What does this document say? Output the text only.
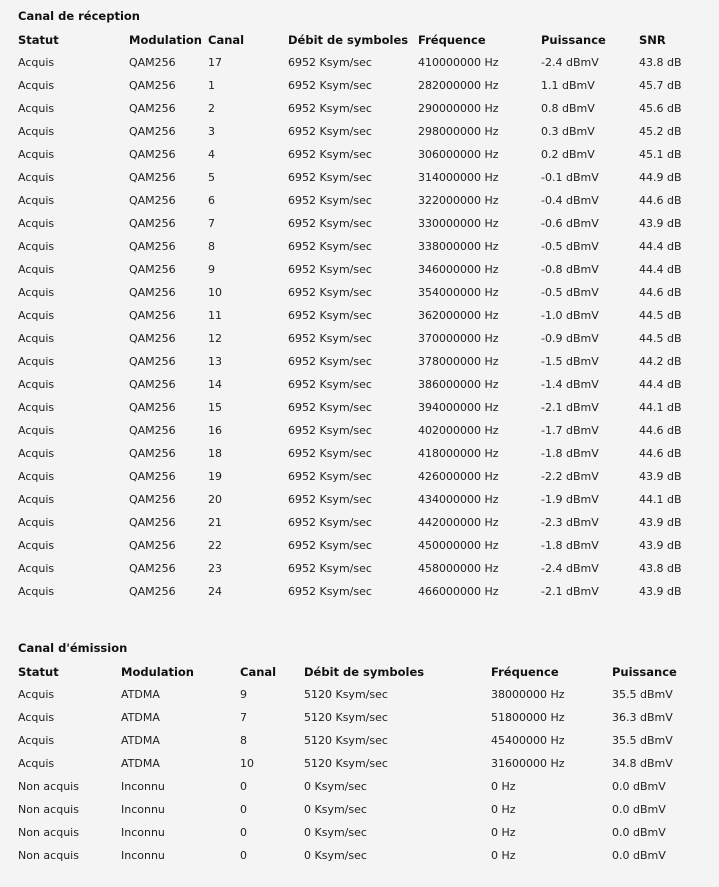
Canal de réception
Statut	Modulation	Canal	Débit de symboles	Fréquence	Puissance	SNR
Acquis	QAM256	17	6952 Ksym/sec	410000000 Hz	-2.4 dBmV	43.8 dB
Acquis	QAM256	1	6952 Ksym/sec	282000000 Hz	1.1 dBmV	45.7 dB
Acquis	QAM256	2	6952 Ksym/sec	290000000 Hz	0.8 dBmV	45.6 dB
Acquis	QAM256	3	6952 Ksym/sec	298000000 Hz	0.3 dBmV	45.2 dB
Acquis	QAM256	4	6952 Ksym/sec	306000000 Hz	0.2 dBmV	45.1 dB
Acquis	QAM256	5	6952 Ksym/sec	314000000 Hz	-0.1 dBmV	44.9 dB
Acquis	QAM256	6	6952 Ksym/sec	322000000 Hz	-0.4 dBmV	44.6 dB
Acquis	QAM256	7	6952 Ksym/sec	330000000 Hz	-0.6 dBmV	43.9 dB
Acquis	QAM256	8	6952 Ksym/sec	338000000 Hz	-0.5 dBmV	44.4 dB
Acquis	QAM256	9	6952 Ksym/sec	346000000 Hz	-0.8 dBmV	44.4 dB
Acquis	QAM256	10	6952 Ksym/sec	354000000 Hz	-0.5 dBmV	44.6 dB
Acquis	QAM256	11	6952 Ksym/sec	362000000 Hz	-1.0 dBmV	44.5 dB
Acquis	QAM256	12	6952 Ksym/sec	370000000 Hz	-0.9 dBmV	44.5 dB
Acquis	QAM256	13	6952 Ksym/sec	378000000 Hz	-1.5 dBmV	44.2 dB
Acquis	QAM256	14	6952 Ksym/sec	386000000 Hz	-1.4 dBmV	44.4 dB
Acquis	QAM256	15	6952 Ksym/sec	394000000 Hz	-2.1 dBmV	44.1 dB
Acquis	QAM256	16	6952 Ksym/sec	402000000 Hz	-1.7 dBmV	44.6 dB
Acquis	QAM256	18	6952 Ksym/sec	418000000 Hz	-1.8 dBmV	44.6 dB
Acquis	QAM256	19	6952 Ksym/sec	426000000 Hz	-2.2 dBmV	43.9 dB
Acquis	QAM256	20	6952 Ksym/sec	434000000 Hz	-1.9 dBmV	44.1 dB
Acquis	QAM256	21	6952 Ksym/sec	442000000 Hz	-2.3 dBmV	43.9 dB
Acquis	QAM256	22	6952 Ksym/sec	450000000 Hz	-1.8 dBmV	43.9 dB
Acquis	QAM256	23	6952 Ksym/sec	458000000 Hz	-2.4 dBmV	43.8 dB
Acquis	QAM256	24	6952 Ksym/sec	466000000 Hz	-2.1 dBmV	43.9 dB
Canal d'émission
Statut	Modulation	Canal	Débit de symboles	Fréquence	Puissance
Acquis	ATDMA	9	5120 Ksym/sec	38000000 Hz	35.5 dBmV
Acquis	ATDMA	7	5120 Ksym/sec	51800000 Hz	36.3 dBmV
Acquis	ATDMA	8	5120 Ksym/sec	45400000 Hz	35.5 dBmV
Acquis	ATDMA	10	5120 Ksym/sec	31600000 Hz	34.8 dBmV
Non acquis	Inconnu	0	0 Ksym/sec	0 Hz	0.0 dBmV
Non acquis	Inconnu	0	0 Ksym/sec	0 Hz	0.0 dBmV
Non acquis	Inconnu	0	0 Ksym/sec	0 Hz	0.0 dBmV
Non acquis	Inconnu	0	0 Ksym/sec	0 Hz	0.0 dBmV
